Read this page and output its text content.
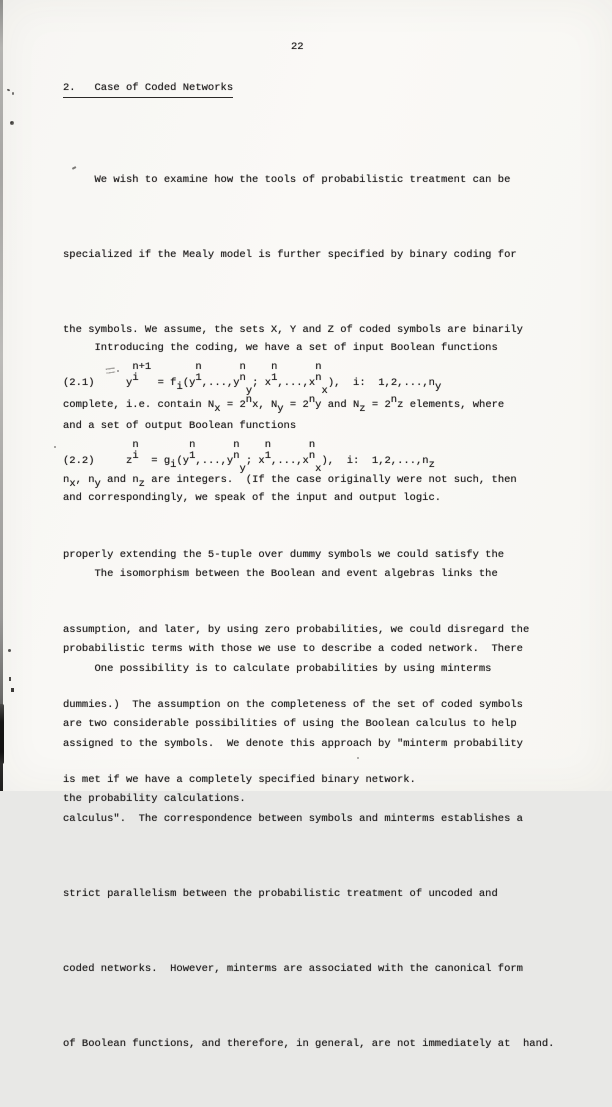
22
2.   Case of Coded Networks

We wish to examine how the tools of probabilistic treatment can be

specialized if the Mealy model is further specified by binary coding for

the symbols. We assume, the sets X, Y and Z of coded symbols are binarily

complete, i.e. contain Nx = 2nx, Ny = 2ny and Nz = 2nz elements, where

nx, ny and nz are integers.  (If the case originally were not such, then

properly extending the 5-tuple over dummy symbols we could satisfy the

assumption, and later, by using zero probabilities, we could disregard the

dummies.)  The assumption on the completeness of the set of coded symbols

is met if we have a completely specified binary network.

Introducing the coding, we have a set of input Boolean functions
(2.1)     y
n+1
i = fi(y
n
1 ,...,y
n
n
y; x
n
1 ,...,x
n
n
x),  i:  1,2,...,ny
and a set of output Boolean functions
(2.2)     z
n
i = gi(y
n
1 ,...,y
n
n
y; x
n
1 ,...,x
n
n
x),  i:  1,2,...,nz
and correspondingly, we speak of the input and output logic.

The isomorphism between the Boolean and event algebras links the

probabilistic terms with those we use to describe a coded network.  There

are two considerable possibilities of using the Boolean calculus to help

the probability calculations.

One possibility is to calculate probabilities by using minterms

assigned to the symbols.  We denote this approach by "minterm probability

calculus".  The correspondence between symbols and minterms establishes a

strict parallelism between the probabilistic treatment of uncoded and

coded networks.  However, minterms are associated with the canonical form

of Boolean functions, and therefore, in general, are not immediately at  hand.
